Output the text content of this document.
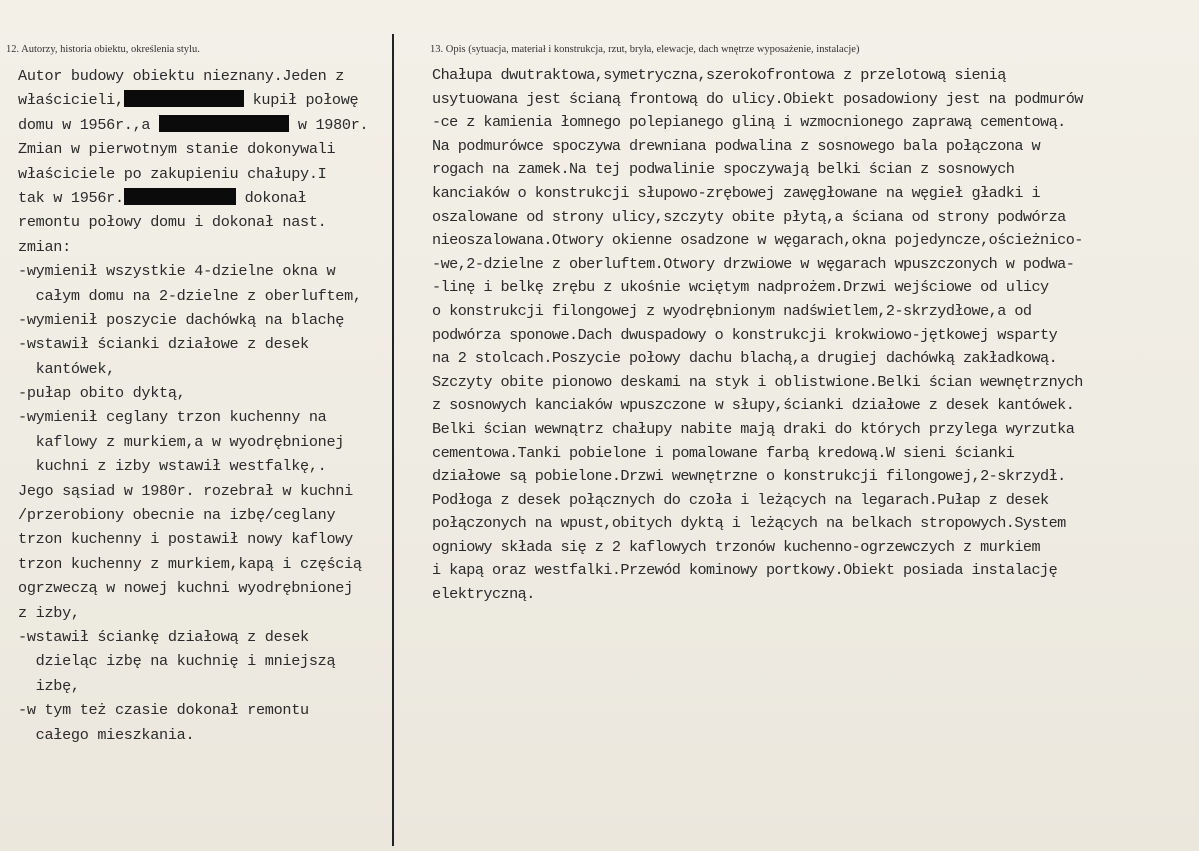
12. Autorzy, historia obiektu, określenia stylu.	13. Opis (sytuacja, materiał i konstrukcja, rzut, bryła, elewacje, dach wnętrze wyposażenie, instalacje)
Autor budowy obiektu nieznany.Jeden z
właścicieli,	kupił połowę
domu w 1956r.,a	w 1980r.
Zmian w pierwotnym stanie dokonywali
właściciele po zakupieniu chałupy.I
tak w 1956r.	dokonał
remontu połowy domu i dokonał nast.
zmian:
-wymienił wszystkie 4-dzielne okna w
całym domu na 2-dzielne z oberluftem,
-wymienił poszycie dachówką na blachę
-wstawił ścianki działowe z desek
kantówek,
-pułap obito dyktą,
-wymienił ceglany trzon kuchenny na
kaflowy z murkiem,a w wyodrębnionej
kuchni z izby wstawił westfalkę,.
Jego sąsiad w 1980r. rozebrał w kuchni
/przerobiony obecnie na izbę/ceglany
trzon kuchenny i postawił nowy kaflowy
trzon kuchenny z murkiem,kapą i częścią
ogrzweczą w nowej kuchni wyodrębnionej
z izby,
-wstawił ściankę działową z desek
dzieląc izbę na kuchnię i mniejszą
izbę,
-w tym też czasie dokonał remontu
całego mieszkania.
Chałupa dwutraktowa,symetryczna,szerokofrontowa z przelotową sienią
usytuowana jest ścianą frontową do ulicy.Obiekt posadowiony jest na podmurów
-ce z kamienia łomnego polepianego gliną i wzmocnionego zaprawą cementową.
Na podmurówce spoczywa drewniana podwalina z sosnowego bala połączona w
rogach na zamek.Na tej podwalinie spoczywają belki ścian z sosnowych
kanciaków o konstrukcji słupowo-zrębowej zawęgłowane na węgieł gładki i
oszalowane od strony ulicy,szczyty obite płytą,a ściana od strony podwórza
nieoszalowana.Otwory okienne osadzone w węgarach,okna pojedyncze,ościeżnico-
-we,2-dzielne z oberluftem.Otwory drzwiowe w węgarach wpuszczonych w podwa-
-linę i belkę zrębu z ukośnie wciętym nadprożem.Drzwi wejściowe od ulicy
o konstrukcji filongowej z wyodrębnionym nadświetlem,2-skrzydłowe,a od
podwórza sponowe.Dach dwuspadowy o konstrukcji krokwiowo-jętkowej wsparty
na 2 stolcach.Poszycie połowy dachu blachą,a drugiej dachówką zakładkową.
Szczyty obite pionowo deskami na styk i oblistwione.Belki ścian wewnętrznych
z sosnowych kanciaków wpuszczone w słupy,ścianki działowe z desek kantówek.
Belki ścian wewnątrz chałupy nabite mają draki do których przylega wyrzutka
cementowa.Tanki pobielone i pomalowane farbą kredową.W sieni ścianki
działowe są pobielone.Drzwi wewnętrzne o konstrukcji filongowej,2-skrzydł.
Podłoga z desek połącznych do czoła i leżących na legarach.Pułap z desek
połączonych na wpust,obitych dyktą i leżących na belkach stropowych.System
ogniowy składa się z 2 kaflowych trzonów kuchenno-ogrzewczych z murkiem
i kapą oraz westfalki.Przewód kominowy portkowy.Obiekt posiada instalację
elektryczną.
